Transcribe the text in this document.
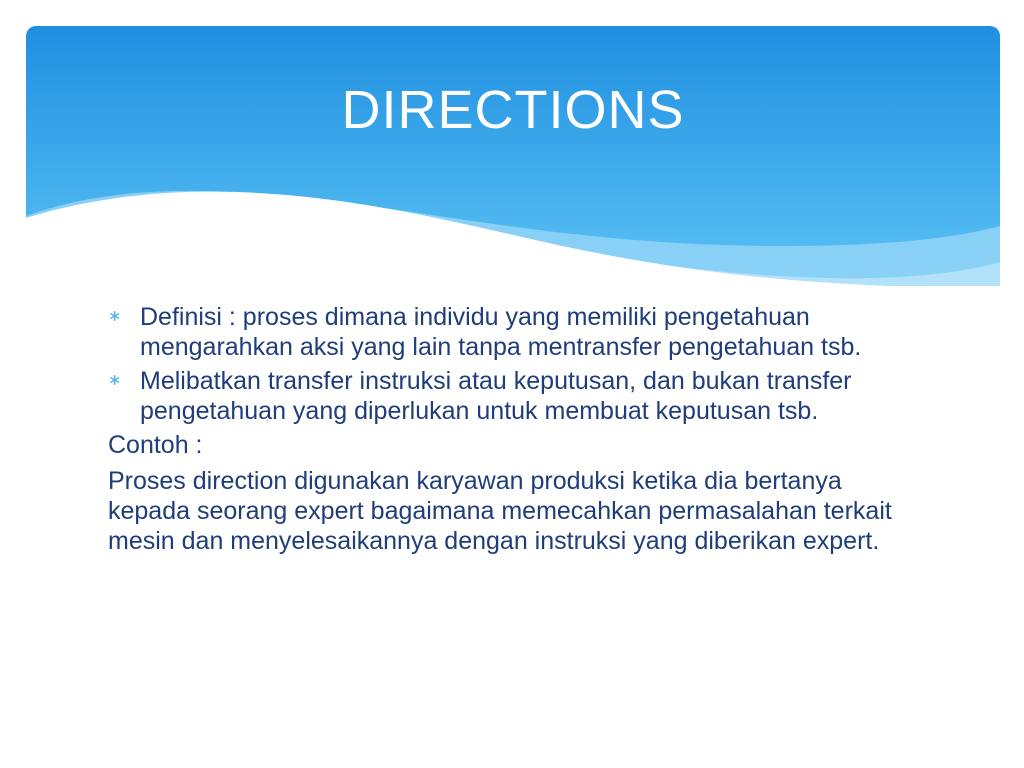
DIRECTIONS
∗ Definisi : proses dimana individu yang memiliki pengetahuan mengarahkan aksi yang lain tanpa mentransfer pengetahuan tsb.
∗ Melibatkan transfer instruksi atau keputusan, dan bukan transfer pengetahuan yang diperlukan untuk membuat keputusan tsb.
Contoh :
Proses direction digunakan karyawan produksi ketika dia bertanya kepada seorang expert bagaimana memecahkan permasalahan terkait mesin dan menyelesaikannya dengan instruksi yang diberikan expert.
